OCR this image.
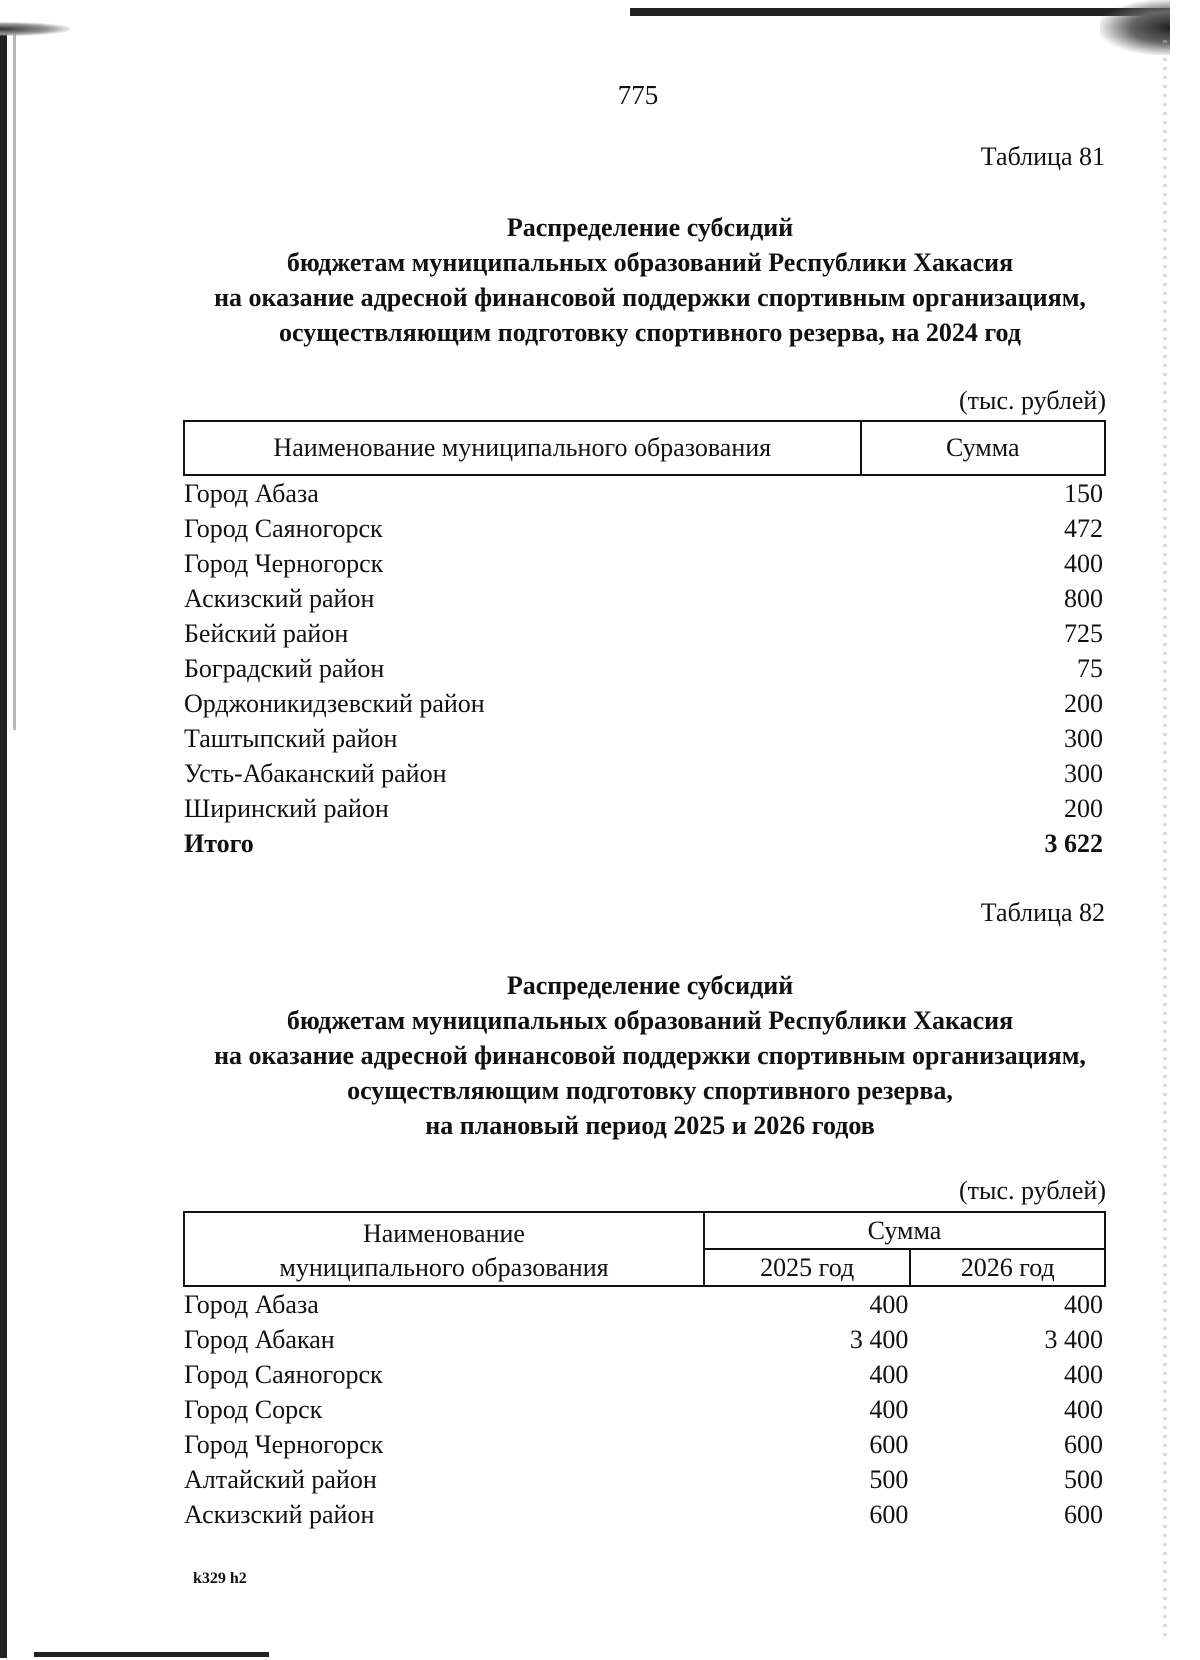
775
Таблица 81
Распределение субсидий
бюджетам муниципальных образований Республики Хакасия
на оказание адресной финансовой поддержки спортивным организациям,
осуществляющим подготовку спортивного резерва, на 2024 год
(тыс. рублей)
Наименование муниципального образования	Сумма
Город Абаза	150
Город Саяногорск	472
Город Черногорск	400
Аскизский район	800
Бейский район	725
Боградский район	75
Орджоникидзевский район	200
Таштыпский район	300
Усть-Абаканский район	300
Ширинский район	200
Итого	3 622
Таблица 82
Распределение субсидий
бюджетам муниципальных образований Республики Хакасия
на оказание адресной финансовой поддержки спортивным организациям,
осуществляющим подготовку спортивного резерва,
на плановый период 2025 и 2026 годов
(тыс. рублей)
Наименование
муниципального образования	Сумма	
	2025 год	2026 год
Город Абаза	400	400
Город Абакан	3 400	3 400
Город Саяногорск	400	400
Город Сорск	400	400
Город Черногорск	600	600
Алтайский район	500	500
Аскизский район	600	600
k329 h2
